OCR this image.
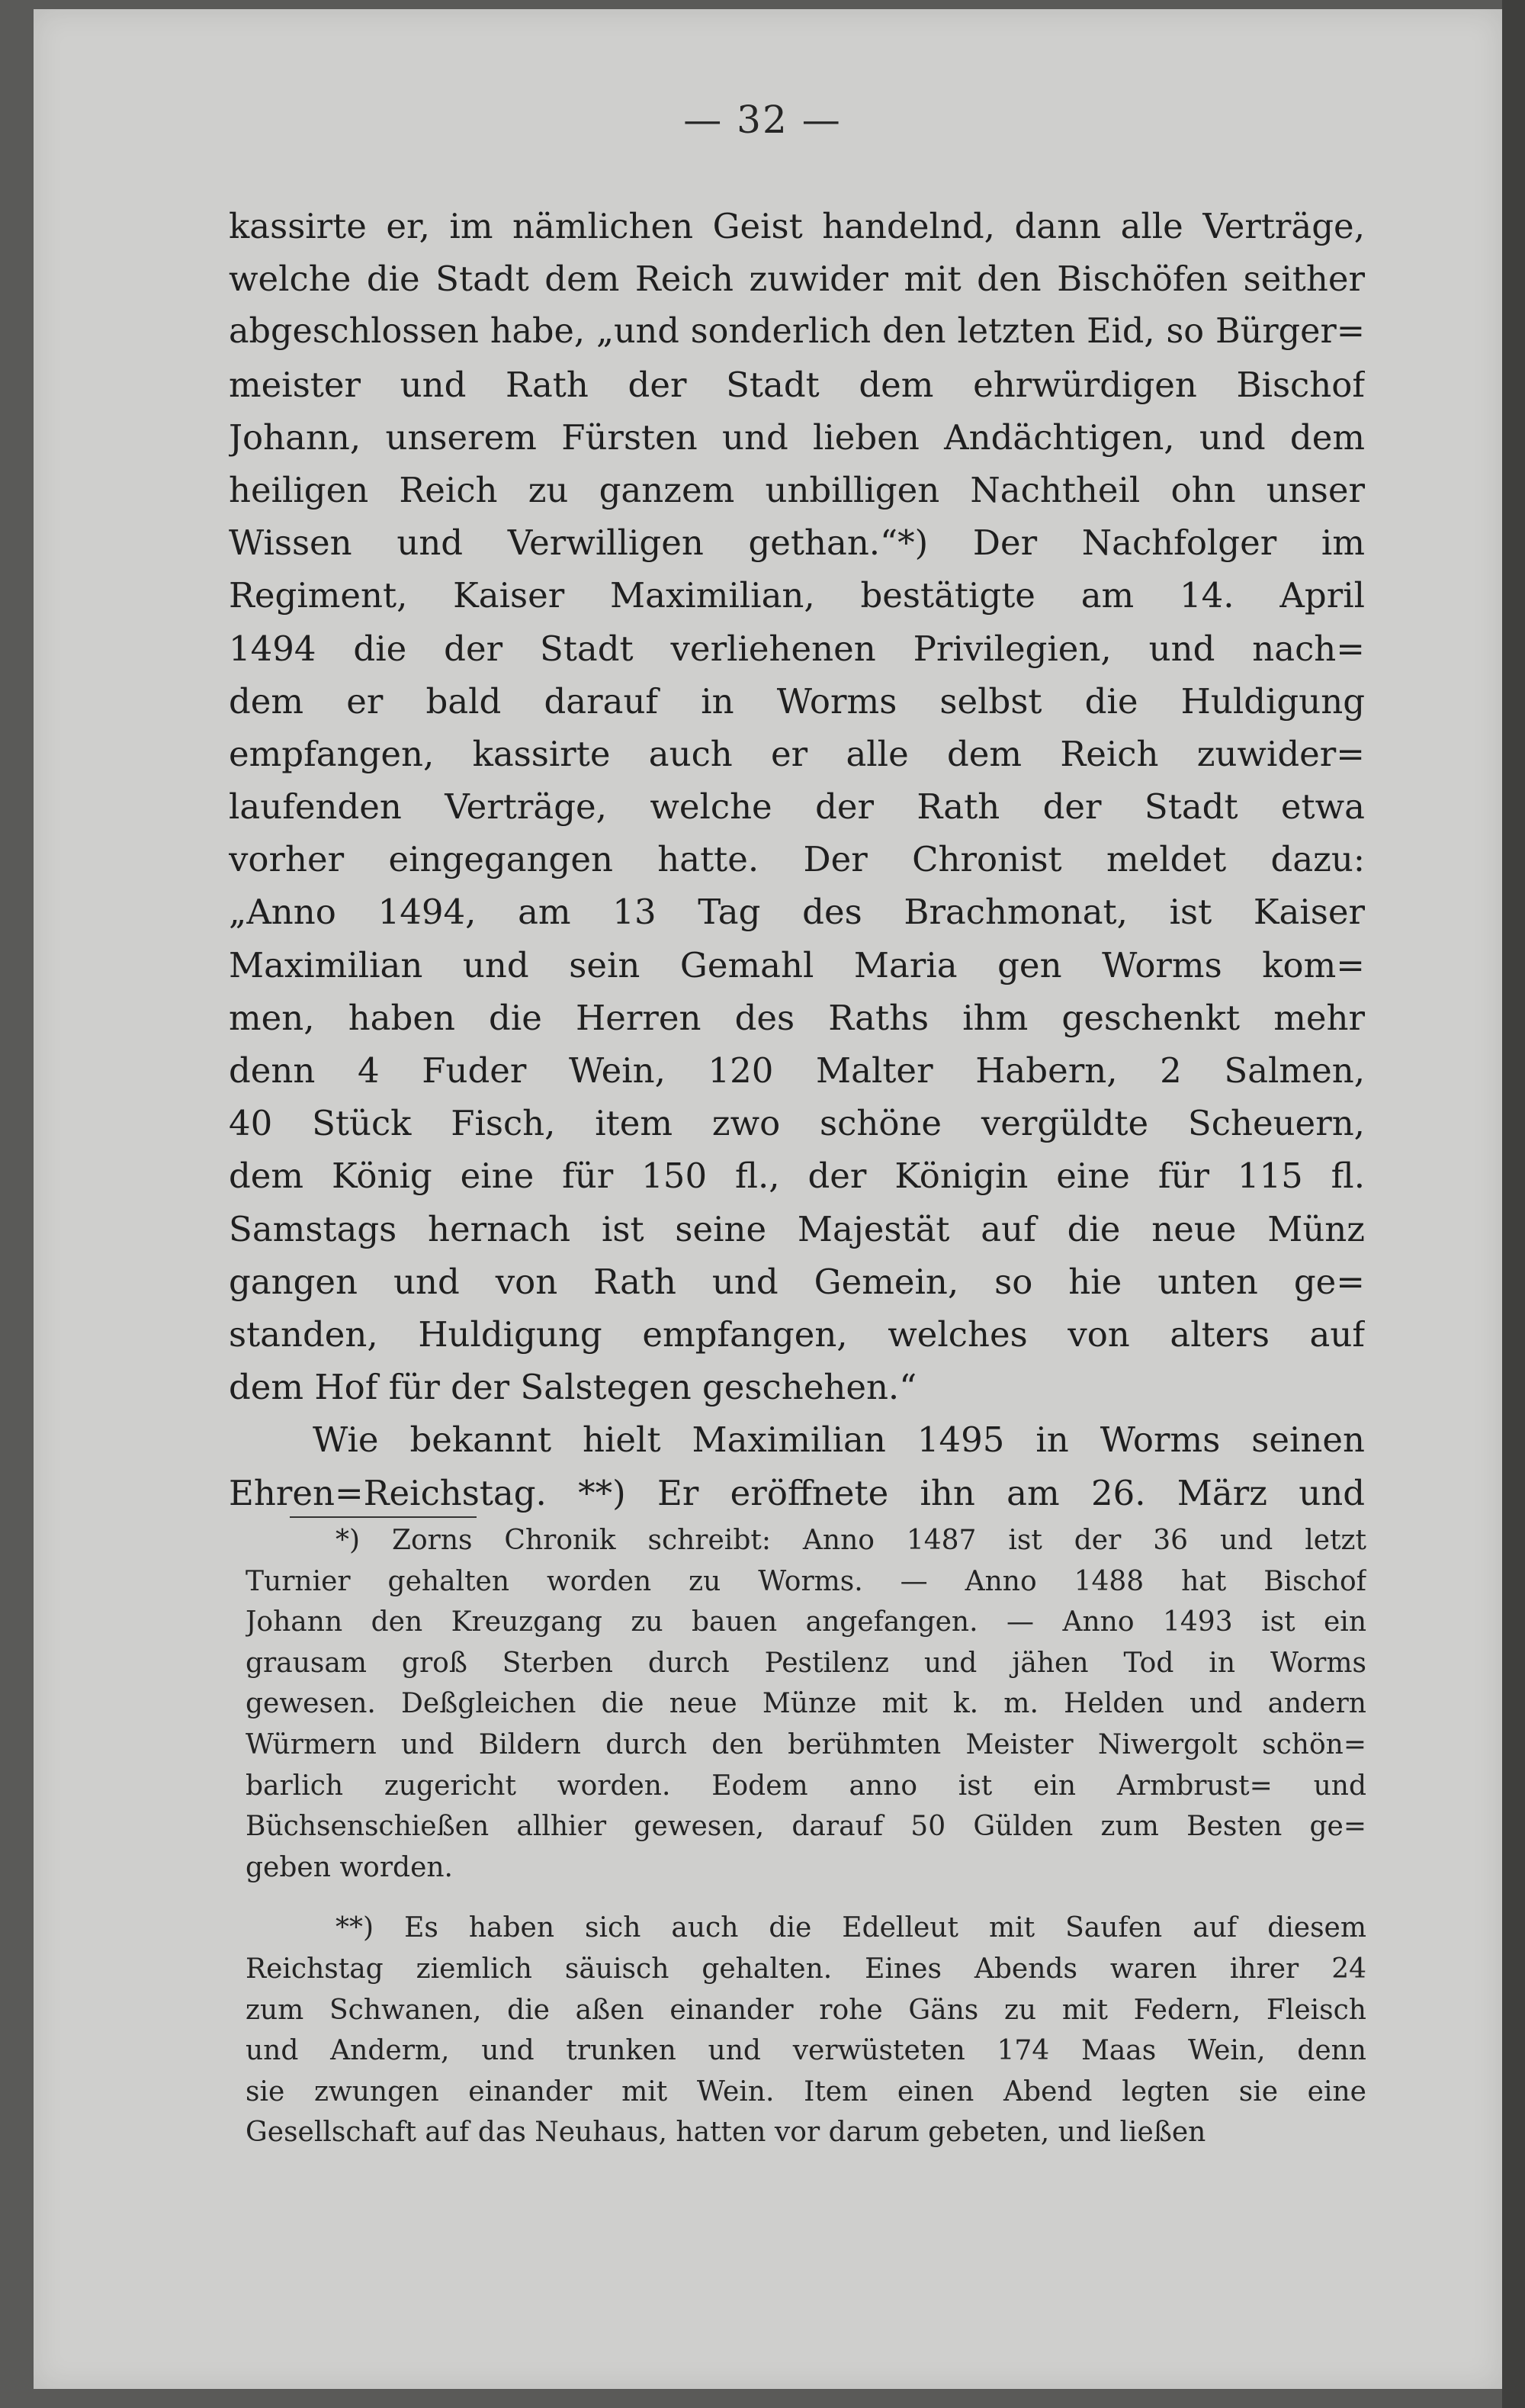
— 32 —
kassirte er, im nämlichen Geist handelnd, dann alle Verträge,
welche die Stadt dem Reich zuwider mit den Bischöfen seither
abgeschlossen habe, „und sonderlich den letzten Eid, so Bürger=
meister und Rath der Stadt dem ehrwürdigen Bischof
Johann, unserem Fürsten und lieben Andächtigen, und dem
heiligen Reich zu ganzem unbilligen Nachtheil ohn unser
Wissen und Verwilligen gethan.“*) Der Nachfolger im
Regiment, Kaiser Maximilian, bestätigte am 14. April
1494 die der Stadt verliehenen Privilegien, und nach=
dem er bald darauf in Worms selbst die Huldigung
empfangen, kassirte auch er alle dem Reich zuwider=
laufenden Verträge, welche der Rath der Stadt etwa
vorher eingegangen hatte. Der Chronist meldet dazu:
„Anno 1494, am 13 Tag des Brachmonat, ist Kaiser
Maximilian und sein Gemahl Maria gen Worms kom=
men, haben die Herren des Raths ihm geschenkt mehr
denn 4 Fuder Wein, 120 Malter Habern, 2 Salmen,
40 Stück Fisch, item zwo schöne vergüldte Scheuern,
dem König eine für 150 fl., der Königin eine für 115 fl.
Samstags hernach ist seine Majestät auf die neue Münz
gangen und von Rath und Gemein, so hie unten ge=
standen, Huldigung empfangen, welches von alters auf
dem Hof für der Salstegen geschehen.“
Wie bekannt hielt Maximilian 1495 in Worms seinen
Ehren=Reichstag. **) Er eröffnete ihn am 26. März und
*) Zorns Chronik schreibt: Anno 1487 ist der 36 und letzt
Turnier gehalten worden zu Worms. — Anno 1488 hat Bischof
Johann den Kreuzgang zu bauen angefangen. — Anno 1493 ist ein
grausam groß Sterben durch Pestilenz und jähen Tod in Worms
gewesen. Deßgleichen die neue Münze mit k. m. Helden und andern
Würmern und Bildern durch den berühmten Meister Niwergolt schön=
barlich zugericht worden. Eodem anno ist ein Armbrust= und
Büchsenschießen allhier gewesen, darauf 50 Gülden zum Besten ge=
geben worden.
**) Es haben sich auch die Edelleut mit Saufen auf diesem
Reichstag ziemlich säuisch gehalten. Eines Abends waren ihrer 24
zum Schwanen, die aßen einander rohe Gäns zu mit Federn, Fleisch
und Anderm, und trunken und verwüsteten 174 Maas Wein, denn
sie zwungen einander mit Wein. Item einen Abend legten sie eine
Gesellschaft auf das Neuhaus, hatten vor darum gebeten, und ließen
